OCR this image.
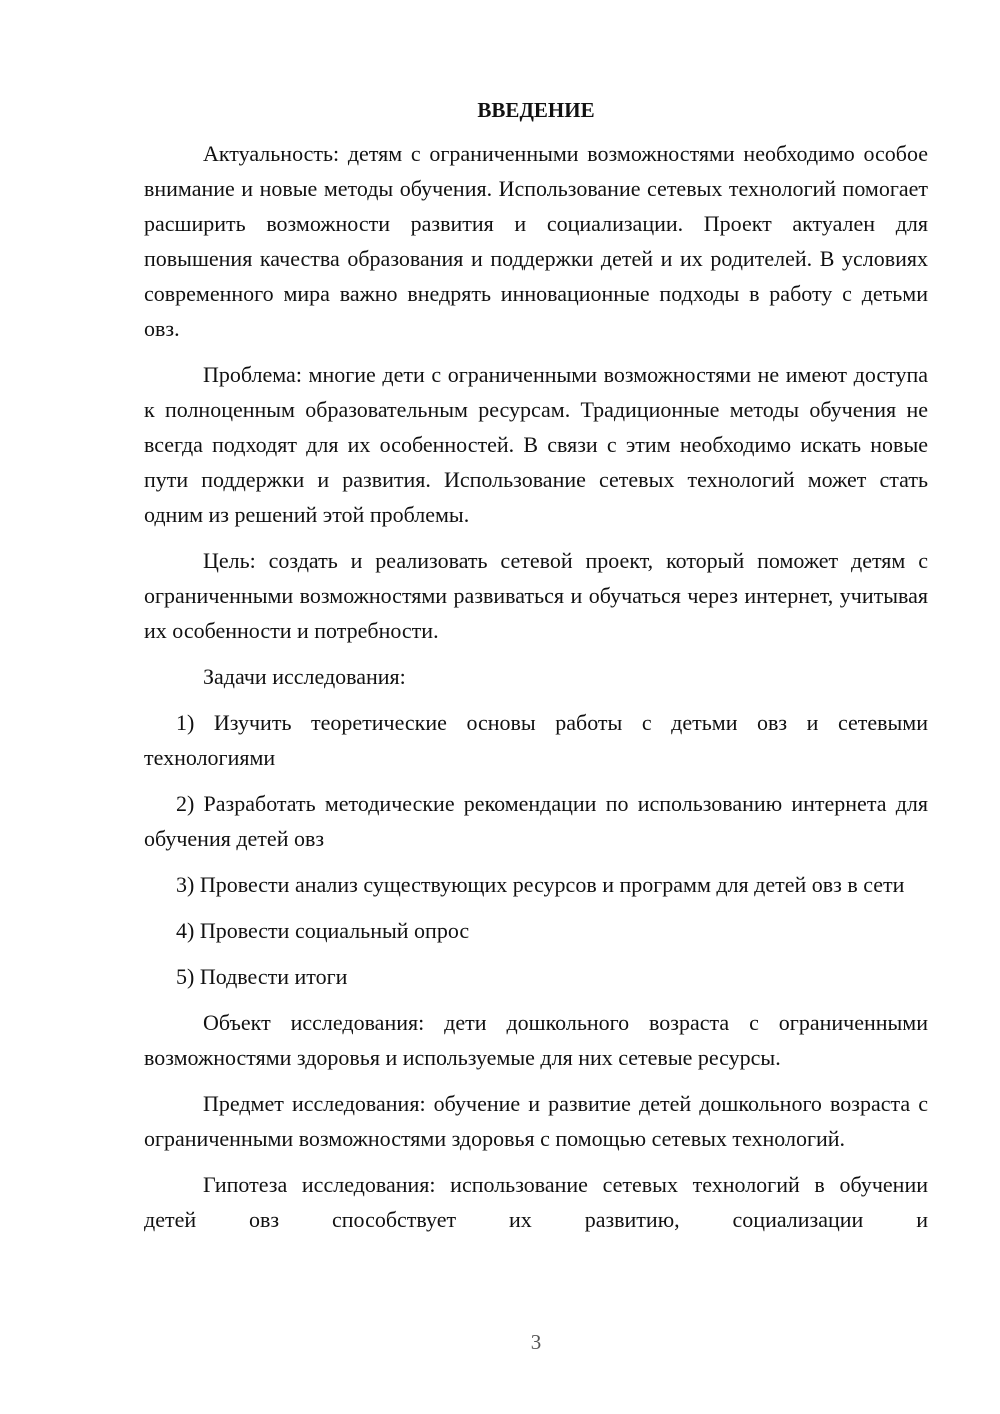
ВВЕДЕНИЕ

Актуальность: детям с ограниченными возможностями необходимо особое внимание и новые методы обучения. Использование сетевых технологий помогает расширить возможности развития и социализации. Проект актуален для повышения качества образования и поддержки детей и их родителей. В условиях современного мира важно внедрять инновационные подходы в работу с детьми овз.

Проблема: многие дети с ограниченными возможностями не имеют доступа к полноценным образовательным ресурсам. Традиционные методы обучения не всегда подходят для их особенностей. В связи с этим необходимо искать новые пути поддержки и развития. Использование сетевых технологий может стать одним из решений этой проблемы.

Цель: создать и реализовать сетевой проект, который поможет детям с ограниченными возможностями развиваться и обучаться через интернет, учитывая их особенности и потребности.

Задачи исследования:

1) Изучить теоретические основы работы с детьми овз и сетевыми технологиями

2) Разработать методические рекомендации по использованию интернета для обучения детей овз

3) Провести анализ существующих ресурсов и программ для детей овз в сети

4) Провести социальный опрос

5) Подвести итоги

Объект исследования: дети дошкольного возраста с ограниченными возможностями здоровья и используемые для них сетевые ресурсы.

Предмет исследования: обучение и развитие детей дошкольного возраста с ограниченными возможностями здоровья с помощью сетевых технологий.

Гипотеза исследования: использование сетевых технологий в обучении детей овз способствует их развитию, социализации и

3
